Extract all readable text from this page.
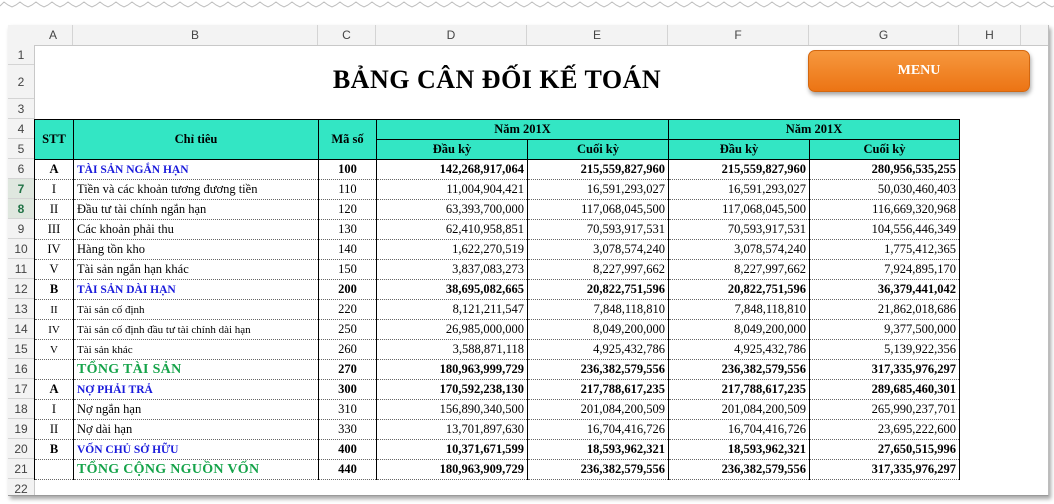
A	B	C	D	E	F	G	H
1
2
3
4
5
6
7
8
9
10
11
12
13
14
15
16
17
18
19
20
21
22
BẢNG CÂN ĐỐI KẾ TOÁN	MENU
STT	Chỉ tiêu	Mã số	Năm 201X		Năm 201X	
			Đầu kỳ	Cuối kỳ	Đầu kỳ	Cuối kỳ
A	TÀI SẢN NGẮN HẠN	100	142,268,917,064	215,559,827,960	215,559,827,960	280,956,535,255
I	Tiền và các khoản tương đương tiền	110	11,004,904,421	16,591,293,027	16,591,293,027	50,030,460,403
II	Đầu tư tài chính ngắn hạn	120	63,393,700,000	117,068,045,500	117,068,045,500	116,669,320,968
III	Các khoản phải thu	130	62,410,958,851	70,593,917,531	70,593,917,531	104,556,446,349
IV	Hàng tồn kho	140	1,622,270,519	3,078,574,240	3,078,574,240	1,775,412,365
V	Tài sản ngắn hạn khác	150	3,837,083,273	8,227,997,662	8,227,997,662	7,924,895,170
B	TÀI SẢN DÀI HẠN	200	38,695,082,665	20,822,751,596	20,822,751,596	36,379,441,042
II	Tài sản cố định	220	8,121,211,547	7,848,118,810	7,848,118,810	21,862,018,686
IV	Tài sản cố định đầu tư tài chính dài hạn	250	26,985,000,000	8,049,200,000	8,049,200,000	9,377,500,000
V	Tài sản khác	260	3,588,871,118	4,925,432,786	4,925,432,786	5,139,922,356
	TỔNG TÀI SẢN	270	180,963,999,729	236,382,579,556	236,382,579,556	317,335,976,297
A	NỢ PHẢI TRẢ	300	170,592,238,130	217,788,617,235	217,788,617,235	289,685,460,301
I	Nợ ngắn hạn	310	156,890,340,500	201,084,200,509	201,084,200,509	265,990,237,701
II	Nợ dài hạn	330	13,701,897,630	16,704,416,726	16,704,416,726	23,695,222,600
B	VỐN CHỦ SỞ HỮU	400	10,371,671,599	18,593,962,321	18,593,962,321	27,650,515,996
	TỔNG CỘNG NGUỒN VỐN	440	180,963,909,729	236,382,579,556	236,382,579,556	317,335,976,297
